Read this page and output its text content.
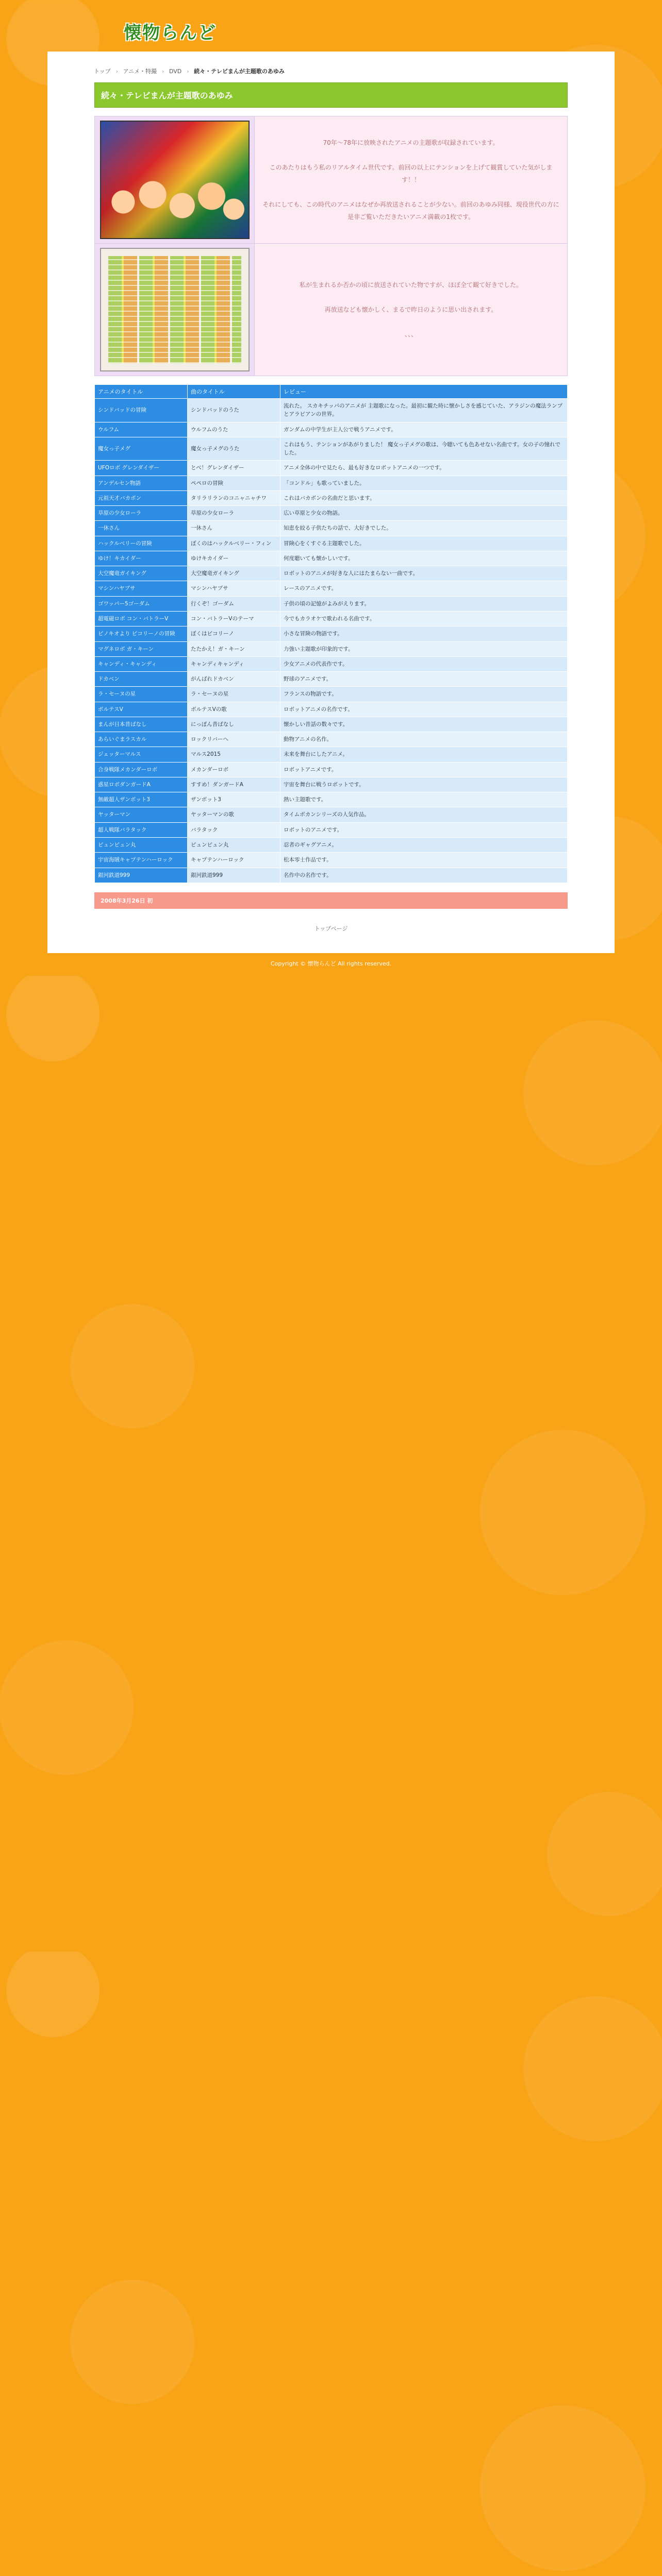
懐物らんど
トップ › アニメ・特撮 › DVD › 続々・テレビまんが主題歌のあゆみ
続々・テレビまんが主題歌のあゆみ
	70年〜78年に放映されたアニメの主題歌が収録されています。

このあたりはもう私のリアルタイム世代です。前回の以上にテンションを上げて観賞していた気がします！！

それにしても、この時代のアニメはなぜか再放送されることが少ない。前回のあゆみ同様、現役世代の方に是非ご覧いただきたいアニメ満載の1枚です。

	私が生まれるか否かの頃に放送されていた物ですが、ほぼ全て観て好きでした。

再放送なども懐かしく、まるで昨日のように思い出されます。

、、、
アニメのタイトル	曲のタイトル	レビュー
シンドバッドの冒険	シンドバッドのうた	流れた。 スカキチッパのアニメが 主題歌になった。最初に観た時に懐かしさを感じていた、アラジンの魔法ランプとアラビアンの世界。
ウルフム	ウルフムのうた	ガンダムの中学生が主人公で戦うアニメです。
魔女っ子メグ	魔女っ子メグのうた	これはもう、テンションがあがりました！ 魔女っ子メグの歌は、今聴いても色あせない名曲です。女の子の憧れでした。
UFOロボ グレンダイザー	とべ！グレンダイザー	アニメ全体の中で見たら、最も好きなロボットアニメの一つです。
アンデルセン物語	ペペロの冒険	「コンドル」も歌っていました。
元祖天才バカボン	タリラリランのコニャニャチワ	これはバカボンの名曲だと思います。
草原の少女ローラ	草原の少女ローラ	広い草原と少女の物語。
一休さん	一休さん	知恵を絞る子供たちの話で、大好きでした。
ハックルベリーの冒険	ぼくのはハックルベリー・フィン	冒険心をくすぐる主題歌でした。
ゆけ！キカイダー	ゆけキカイダー	何度聴いても懐かしいです。
大空魔竜ガイキング	大空魔竜ガイキング	ロボットのアニメが好きな人にはたまらない一曲です。
マシンハヤブサ	マシンハヤブサ	レースのアニメです。
ゴワッパー5ゴーダム	行くぞ！ゴーダム	子供の頃の記憶がよみがえります。
超電磁ロボ コン・バトラーV	コン・バトラーVのテーマ	今でもカラオケで歌われる名曲です。
ピノキオより ピコリーノの冒険	ぼくはピコリーノ	小さな冒険の物語です。
マグネロボ ガ・キーン	たたかえ！ガ・キーン	力強い主題歌が印象的です。
キャンディ・キャンディ	キャンディキャンディ	少女アニメの代表作です。
ドカベン	がんばれドカベン	野球のアニメです。
ラ・セーヌの星	ラ・セーヌの星	フランスの物語です。
ボルテスV	ボルテスVの歌	ロボットアニメの名作です。
まんが日本昔ばなし	にっぽん昔ばなし	懐かしい昔話の数々です。
あらいぐまラスカル	ロックリバーへ	動物アニメの名作。
ジェッターマルス	マルス2015	未来を舞台にしたアニメ。
合身戦隊メカンダーロボ	メカンダーロボ	ロボットアニメです。
惑星ロボダンガードA	すすめ！ダンガードA	宇宙を舞台に戦うロボットです。
無敵超人ザンボット3	ザンボット3	熱い主題歌です。
ヤッターマン	ヤッターマンの歌	タイムボカンシリーズの人気作品。
超人戦隊バラタック	バラタック	ロボットのアニメです。
ピュンピュン丸	ピュンピュン丸	忍者のギャグアニメ。
宇宙海賊キャプテンハーロック	キャプテンハーロック	松本零士作品です。
銀河鉄道999	銀河鉄道999	名作中の名作です。
2008年3月26日 初
トップページ
Copyright © 懐物らんど All rights reserved.
